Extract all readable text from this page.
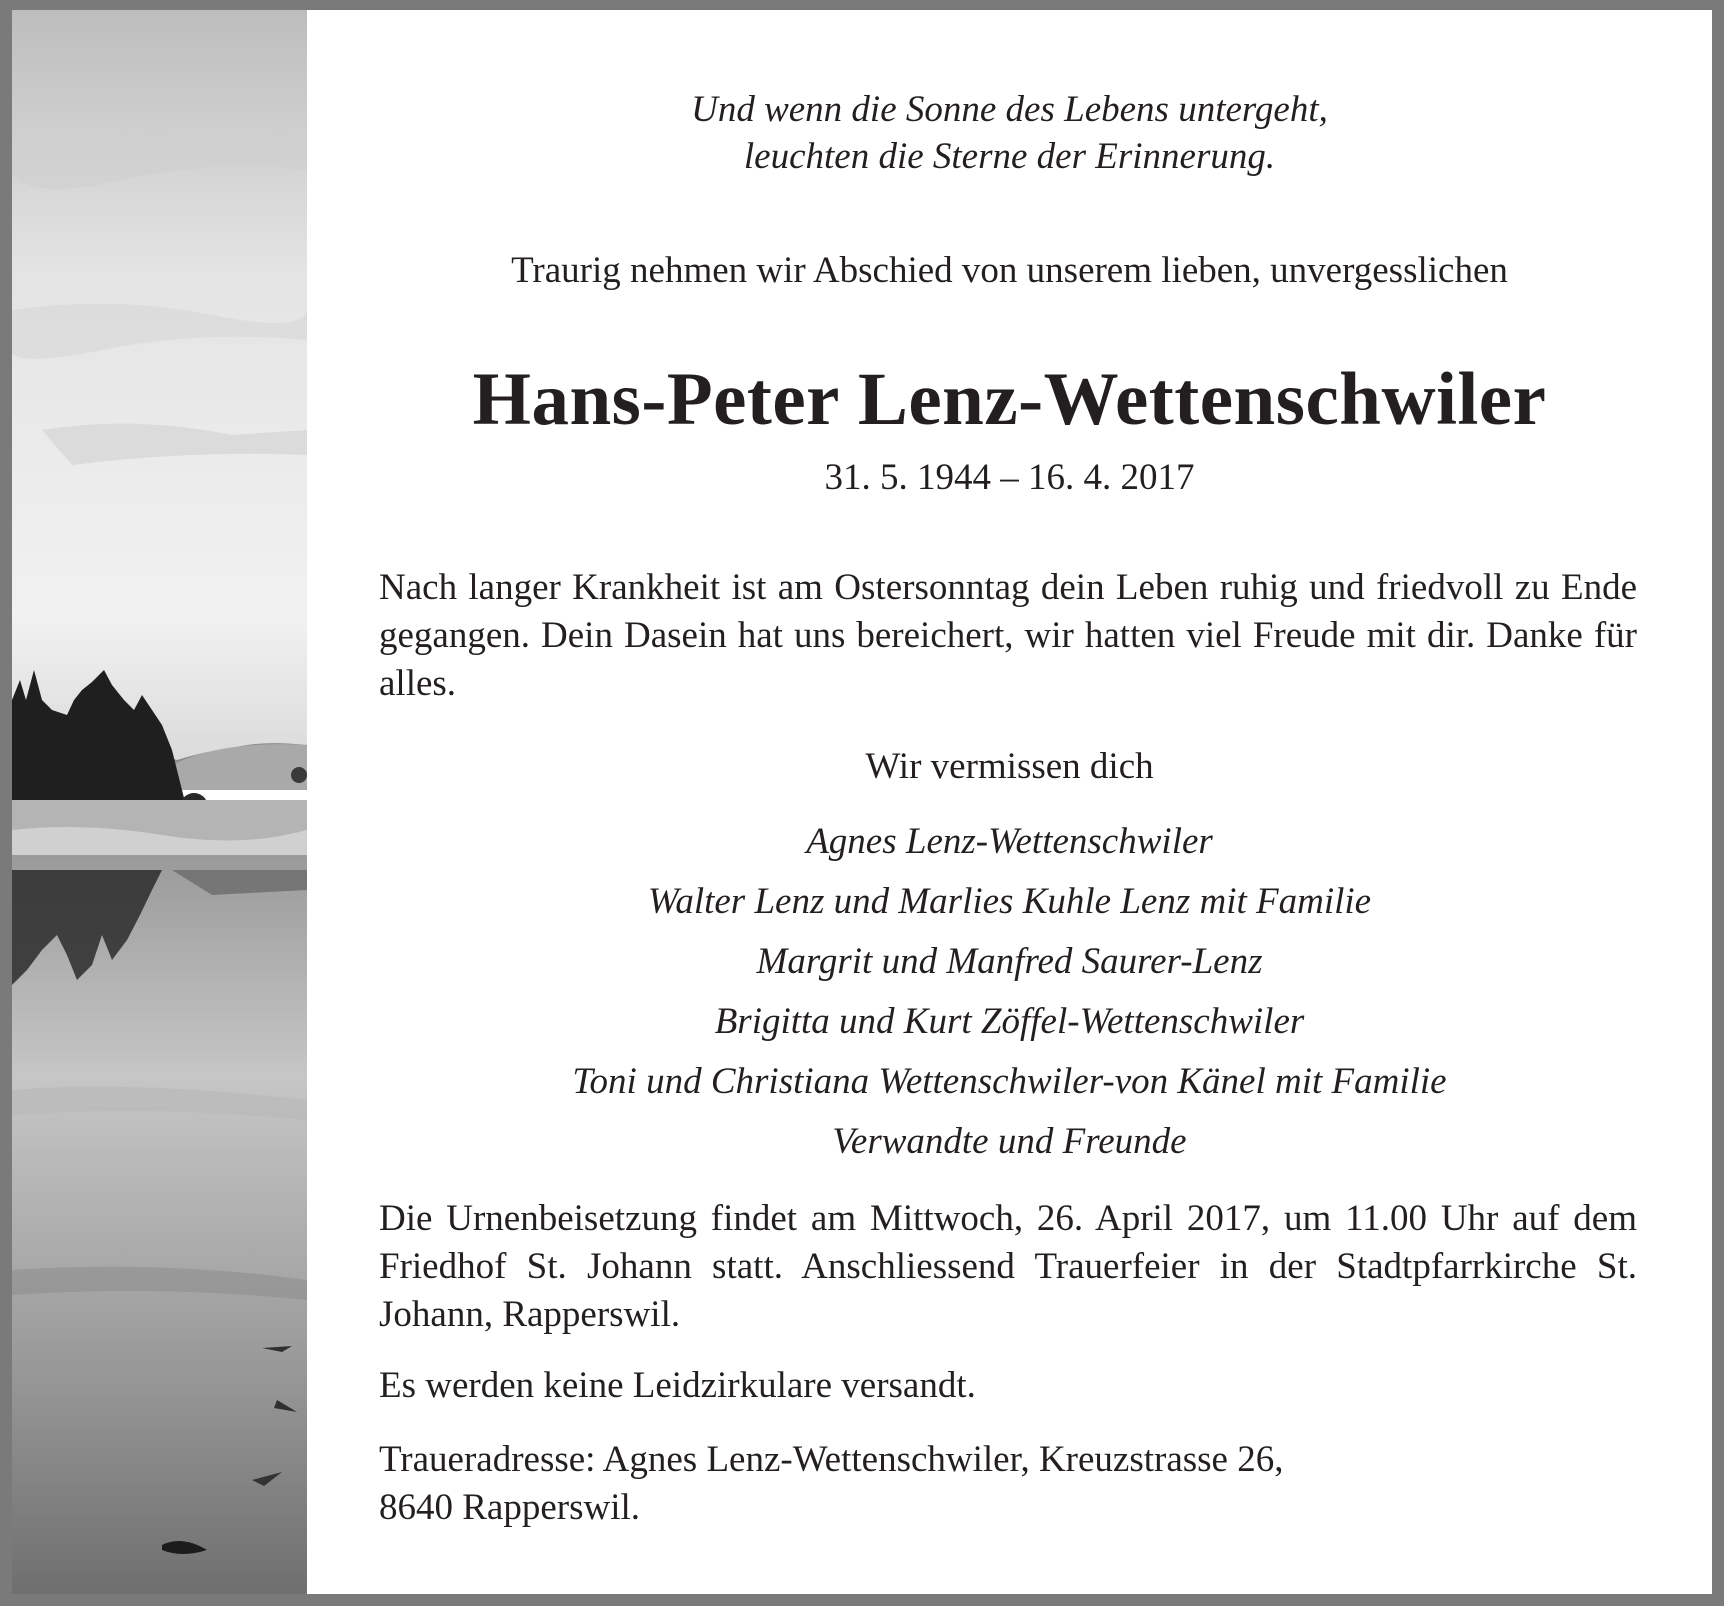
Und wenn die Sonne des Lebens untergeht,
leuchten die Sterne der Erinnerung.
Traurig nehmen wir Abschied von unserem lieben, unvergesslichen
Hans-Peter Lenz-Wettenschwiler
31. 5. 1944 – 16. 4. 2017
Nach langer Krankheit ist am Ostersonntag dein Leben ruhig und friedvoll zu Ende gegangen. Dein Dasein hat uns bereichert, wir hatten viel Freude mit dir. Danke für alles.
Wir vermissen dich
Agnes Lenz-Wettenschwiler
Walter Lenz und Marlies Kuhle Lenz mit Familie
Margrit und Manfred Saurer-Lenz
Brigitta und Kurt Zöffel-Wettenschwiler
Toni und Christiana Wettenschwiler-von Känel mit Familie
Verwandte und Freunde
Die Urnenbeisetzung findet am Mittwoch, 26. April 2017, um 11.00 Uhr auf dem Friedhof St. Johann statt. Anschliessend Trauerfeier in der Stadtpfarrkirche St. Johann, Rapperswil.
Es werden keine Leidzirkulare versandt.
Traueradresse: Agnes Lenz-Wettenschwiler, Kreuzstrasse 26,
8640 Rapperswil.
